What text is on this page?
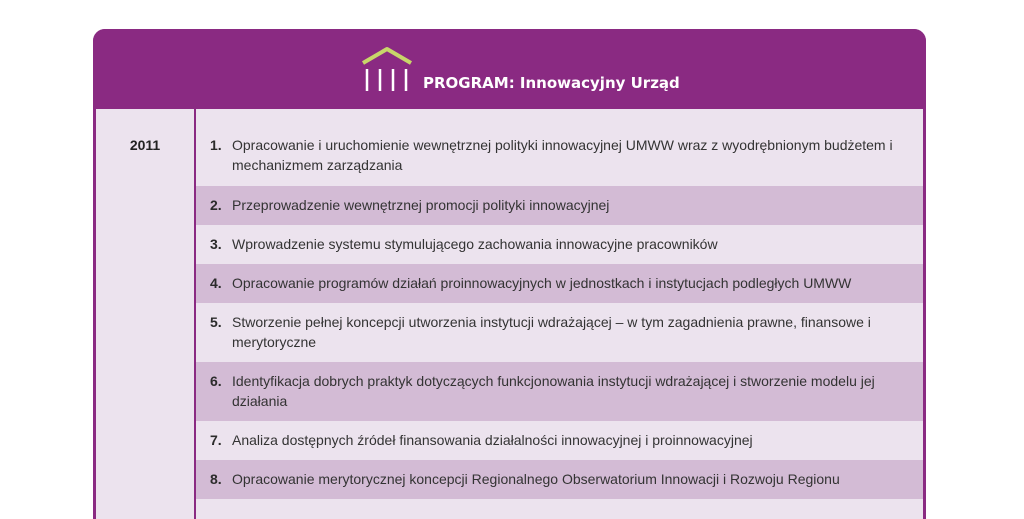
PROGRAM: Innowacyjny Urząd
2011	1. Opracowanie i uruchomienie wewnętrznej polityki innowacyjnej UMWW wraz z wyodrębnionym budżetem i mechanizmem zarządzania
2. Przeprowadzenie wewnętrznej promocji polityki innowacyjnej
3. Wprowadzenie systemu stymulującego zachowania innowacyjne pracowników
4. Opracowanie programów działań proinnowacyjnych w jednostkach i instytucjach podległych UMWW
5. Stworzenie pełnej koncepcji utworzenia instytucji wdrażającej – w tym zagadnienia prawne, finansowe i merytoryczne
6. Identyfikacja dobrych praktyk dotyczących funkcjonowania instytucji wdrażającej i stworzenie modelu jej działania
7. Analiza dostępnych źródeł finansowania działalności innowacyjnej i proinnowacyjnej
8. Opracowanie merytorycznej koncepcji Regionalnego Obserwatorium Innowacji i Rozwoju Regionu
